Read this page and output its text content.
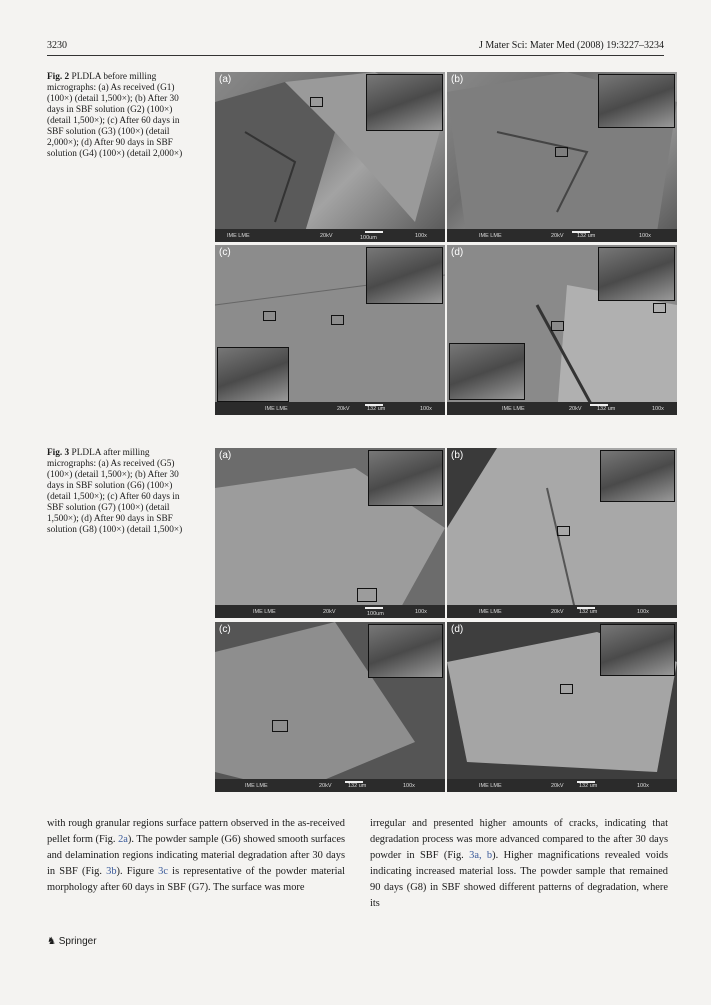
3230	J Mater Sci: Mater Med (2008) 19:3227–3234
Fig. 2 PLDLA before milling micrographs: (a) As received (G1) (100×) (detail 1,500×); (b) After 30 days in SBF solution (G2) (100×) (detail 1,500×); (c) After 60 days in SBF solution (G3) (100×) (detail 2,000×); (d) After 90 days in SBF solution (G4) (100×) (detail 2,000×)
(a)
IME LME	20kV	100um	100x
(b)
IME LME	20kV 132 um	100x
(c)
IME LME	20kV	132 um	100x
(d)
IME LME	20kV	132 um	100x
Fig. 3 PLDLA after milling micrographs: (a) As received (G5) (100×) (detail 1,500×); (b) After 30 days in SBF solution (G6) (100×) (detail 1,500×); (c) After 60 days in SBF solution (G7) (100×) (detail 1,500×); (d) After 90 days in SBF solution (G8) (100×) (detail 1,500×)
(a)
IME LME	20kV	100um	100x
(b)
IME LME	20kV	132 um	100x
(c)
IME LME	20kV	132 um	100x
(d)
IME LME	20kV	132 um	100x
with rough granular regions surface pattern observed in the as-received pellet form (Fig. 2a). The powder sample (G6) showed smooth surfaces and delamination regions indicating material degradation after 30 days in SBF (Fig. 3b). Figure 3c is representative of the powder material morphology after 60 days in SBF (G7). The surface was more
irregular and presented higher amounts of cracks, indicating that degradation process was more advanced compared to the after 30 days powder in SBF (Fig. 3a, b). Higher magnifications revealed voids indicating increased material loss. The powder sample that remained 90 days (G8) in SBF showed different patterns of degradation, where its
♞ Springer
